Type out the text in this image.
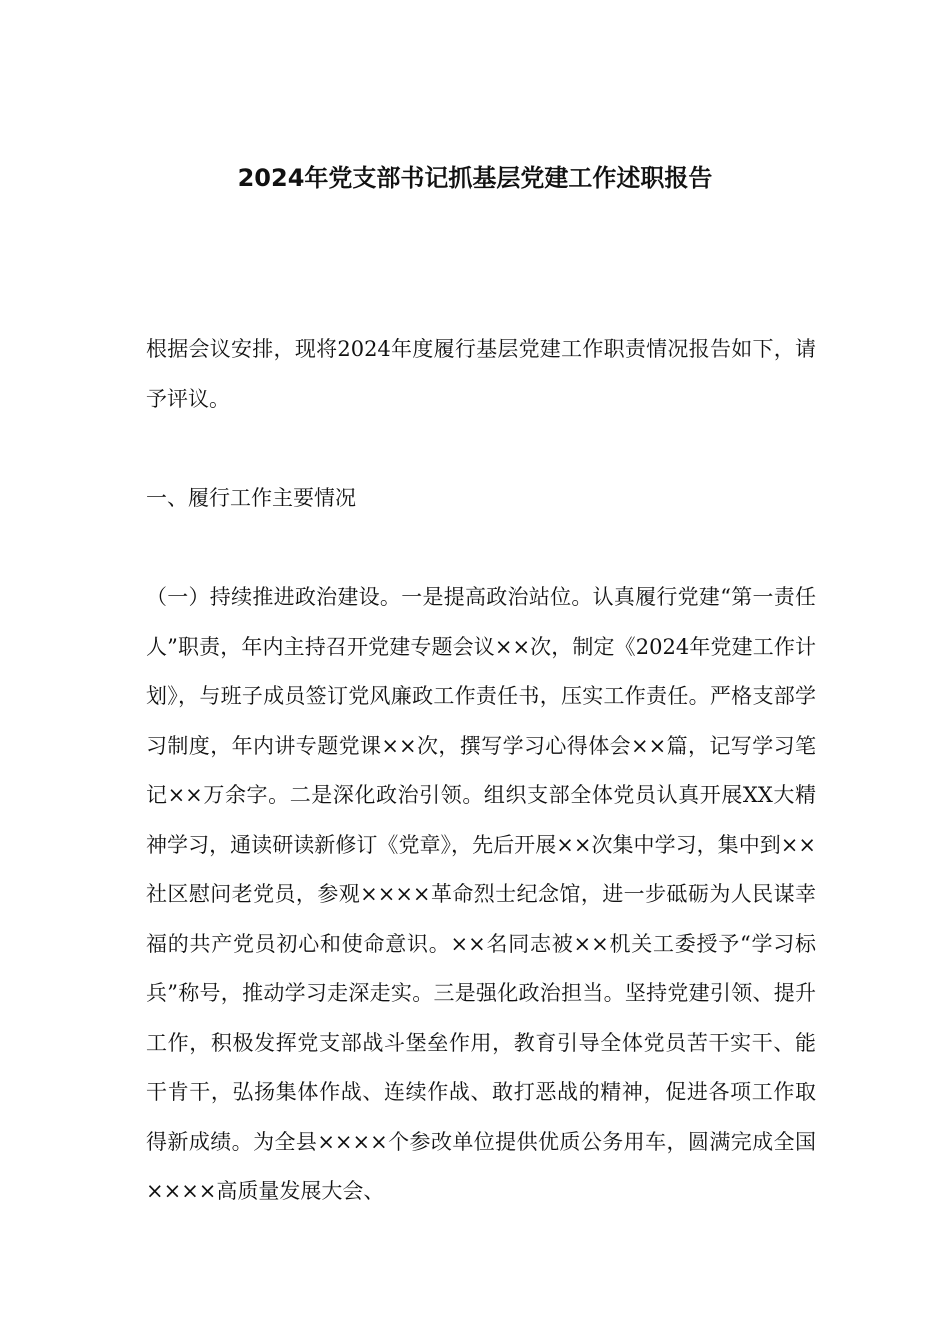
2024年党支部书记抓基层党建工作述职报告

根据会议安排，现将2024年度履行基层党建工作职责情况报告如下，请予评议。

一、履行工作主要情况

（一）持续推进政治建设。一是提高政治站位。认真履行党建“第一责任人”职责，年内主持召开党建专题会议××次，制定《2024年党建工作计划》，与班子成员签订党风廉政工作责任书，压实工作责任。严格支部学习制度，年内讲专题党课××次，撰写学习心得体会××篇，记写学习笔记××万余字。二是深化政治引领。组织支部全体党员认真开展XX大精神学习，通读研读新修订《党章》，先后开展××次集中学习，集中到××社区慰问老党员，参观××××革命烈士纪念馆，进一步砥砺为人民谋幸福的共产党员初心和使命意识。××名同志被××机关工委授予“学习标兵”称号，推动学习走深走实。三是强化政治担当。坚持党建引领、提升工作，积极发挥党支部战斗堡垒作用，教育引导全体党员苦干实干、能干肯干，弘扬集体作战、连续作战、敢打恶战的精神，促进各项工作取得新成绩。为全县××××个参改单位提供优质公务用车，圆满完成全国××××高质量发展大会、
